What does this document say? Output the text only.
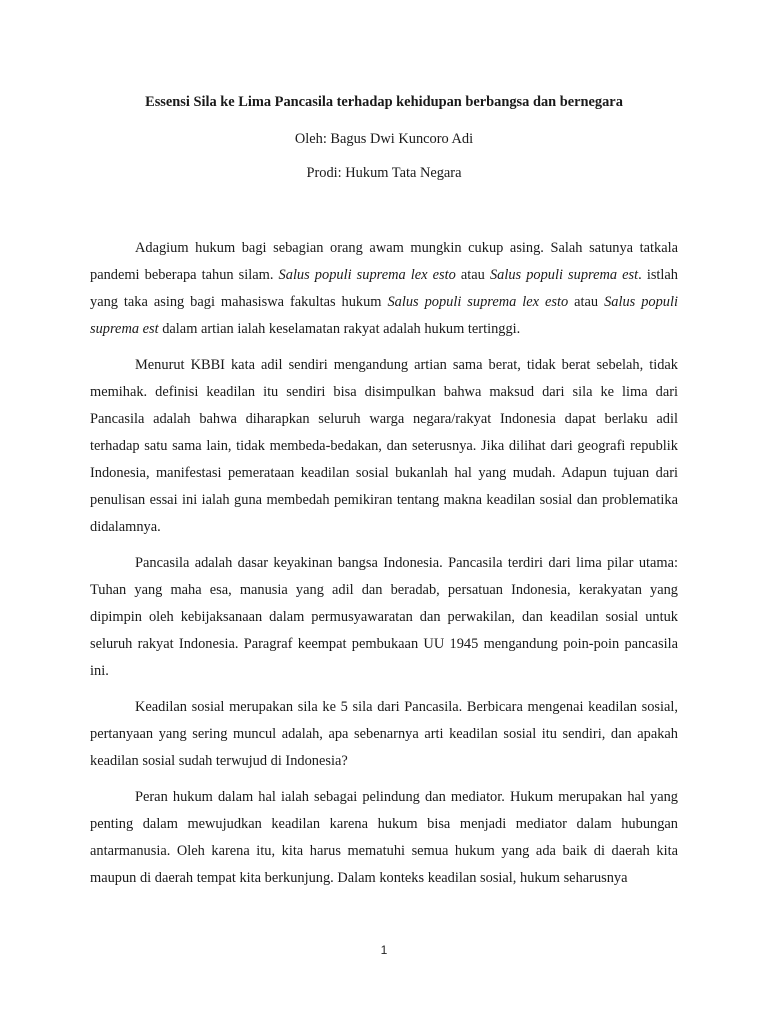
Essensi Sila ke Lima Pancasila terhadap kehidupan berbangsa dan bernegara

Oleh: Bagus Dwi Kuncoro Adi

Prodi: Hukum Tata Negara

Adagium hukum bagi sebagian orang awam mungkin cukup asing. Salah satunya tatkala pandemi beberapa tahun silam. Salus populi suprema lex esto atau Salus populi suprema est. istlah yang taka asing bagi mahasiswa fakultas hukum Salus populi suprema lex esto atau Salus populi suprema est dalam artian ialah keselamatan rakyat adalah hukum tertinggi.

Menurut KBBI kata adil sendiri mengandung artian sama berat, tidak berat sebelah, tidak memihak. definisi keadilan itu sendiri bisa disimpulkan bahwa maksud dari sila ke lima dari Pancasila adalah bahwa diharapkan seluruh warga negara/rakyat Indonesia dapat berlaku adil terhadap satu sama lain, tidak membeda-bedakan, dan seterusnya. Jika dilihat dari geografi republik Indonesia, manifestasi pemerataan keadilan sosial bukanlah hal yang mudah. Adapun tujuan dari penulisan essai ini ialah guna membedah pemikiran tentang makna keadilan sosial dan problematika didalamnya.

Pancasila adalah dasar keyakinan bangsa Indonesia. Pancasila terdiri dari lima pilar utama: Tuhan yang maha esa, manusia yang adil dan beradab, persatuan Indonesia, kerakyatan yang dipimpin oleh kebijaksanaan dalam permusyawaratan dan perwakilan, dan keadilan sosial untuk seluruh rakyat Indonesia. Paragraf keempat pembukaan UU 1945 mengandung poin-poin pancasila ini.

Keadilan sosial merupakan sila ke 5 sila dari Pancasila. Berbicara mengenai keadilan sosial, pertanyaan yang sering muncul adalah, apa sebenarnya arti keadilan sosial itu sendiri, dan apakah keadilan sosial sudah terwujud di Indonesia?

Peran hukum dalam hal ialah sebagai pelindung dan mediator. Hukum merupakan hal yang penting dalam mewujudkan keadilan karena hukum bisa menjadi mediator dalam hubungan antarmanusia. Oleh karena itu, kita harus mematuhi semua hukum yang ada baik di daerah kita maupun di daerah tempat kita berkunjung. Dalam konteks keadilan sosial, hukum seharusnya

1
